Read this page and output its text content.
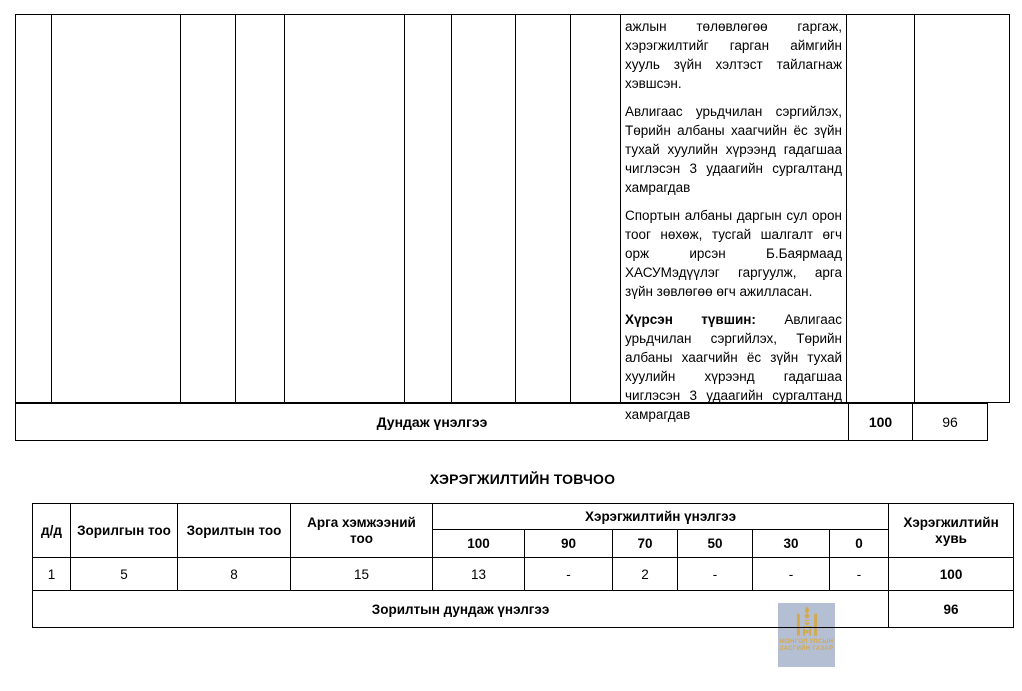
ажлын төлөвлөгөө гаргаж, хэрэгжилтийг гарган аймгийн хууль зүйн хэлтэст тайлагнаж хэвшсэн.

Авлигаас урьдчилан сэргийлэх, Төрийн албаны хаагчийн ёс зүйн тухай хуулийн хүрээнд гадагшаа чиглэсэн 3 удаагийн сургалтанд хамрагдав

Спортын албаны даргын сул орон тоог нөхөж, тусгай шалгалт өгч орж ирсэн Б.Баярмаад ХАСУМэдүүлэг гаргуулж, арга зүйн зөвлөгөө өгч ажилласан.

Хүрсэн түвшин: Авлигаас урьдчилан сэргийлэх, Төрийн албаны хаагчийн ёс зүйн тухай хуулийн хүрээнд гадагшаа чиглэсэн 3 удаагийн сургалтанд хамрагдав

Дундаж үнэлгээ	100	96
ХЭРЭГЖИЛТИЙН ТОВЧОО
МОНГОЛ УЛСЫН
ЗАСГИЙН ГАЗАР
д/д	Зорилгын тоо	Зорилтын тоо	Арга хэмжээний тоо	Хэрэгжилтийн үнэлгээ						Хэрэгжилтийн хувь
				100	90	70	50	30	0	
1	5	8	15	13	-	2	-	-	-	100
Зорилтын дундаж үнэлгээ										96
